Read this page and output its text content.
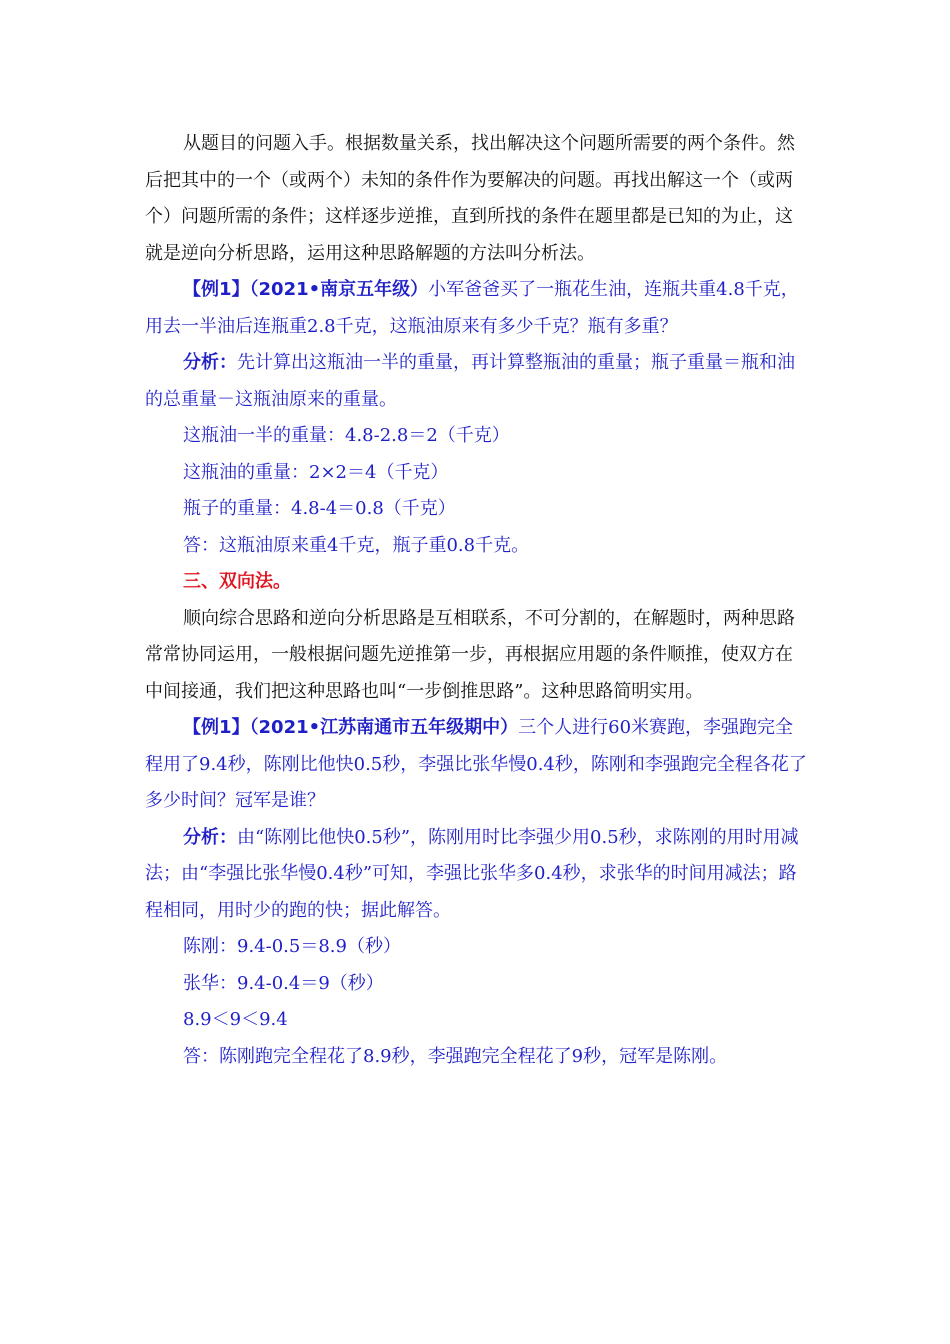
从题目的问题入手。根据数量关系，找出解决这个问题所需要的两个条件。然后把其中的一个（或两个）未知的条件作为要解决的问题。再找出解这一个（或两个）问题所需的条件；这样逐步逆推，直到所找的条件在题里都是已知的为止，这就是逆向分析思路，运用这种思路解题的方法叫分析法。

【例1】（2021•南京五年级）小军爸爸买了一瓶花生油，连瓶共重4.8千克，用去一半油后连瓶重2.8千克，这瓶油原来有多少千克？瓶有多重？

分析：先计算出这瓶油一半的重量，再计算整瓶油的重量；瓶子重量＝瓶和油的总重量－这瓶油原来的重量。

这瓶油一半的重量：4.8-2.8＝2（千克）

这瓶油的重量：2×2＝4（千克）

瓶子的重量：4.8-4＝0.8（千克）

答：这瓶油原来重4千克，瓶子重0.8千克。

三、双向法。

顺向综合思路和逆向分析思路是互相联系，不可分割的，在解题时，两种思路常常协同运用，一般根据问题先逆推第一步，再根据应用题的条件顺推，使双方在中间接通，我们把这种思路也叫“一步倒推思路”。这种思路简明实用。

【例1】（2021•江苏南通市五年级期中）三个人进行60米赛跑，李强跑完全程用了9.4秒，陈刚比他快0.5秒，李强比张华慢0.4秒，陈刚和李强跑完全程各花了多少时间？冠军是谁？

分析：由“陈刚比他快0.5秒”，陈刚用时比李强少用0.5秒，求陈刚的用时用减法；由“李强比张华慢0.4秒”可知，李强比张华多0.4秒，求张华的时间用减法；路程相同，用时少的跑的快；据此解答。

陈刚：9.4-0.5＝8.9（秒）

张华：9.4-0.4＝9（秒）

8.9＜9＜9.4

答：陈刚跑完全程花了8.9秒，李强跑完全程花了9秒，冠军是陈刚。
